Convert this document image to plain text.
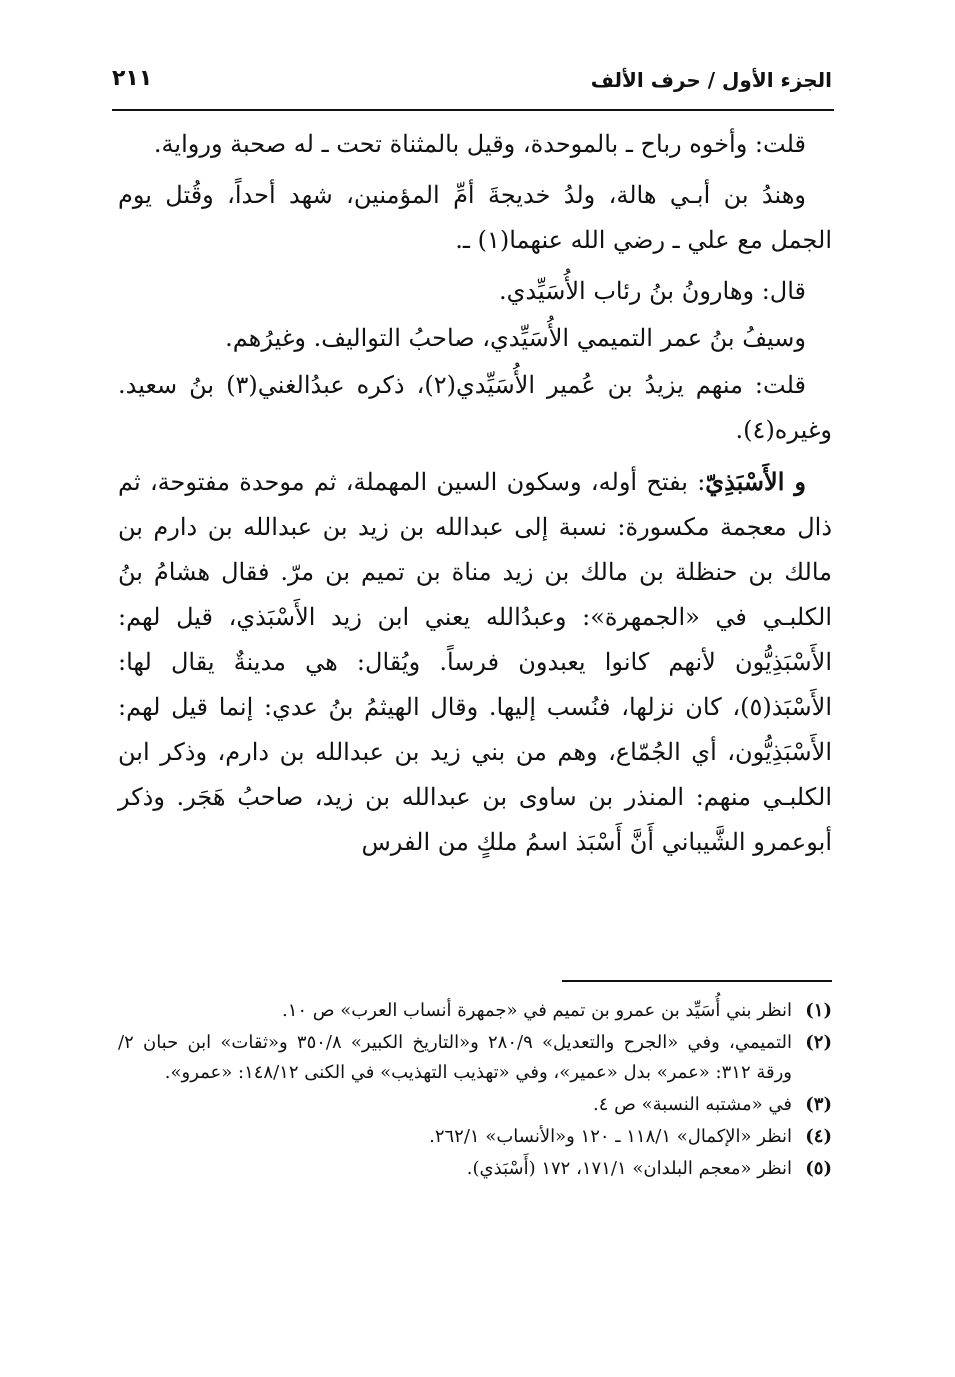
الجزء الأول / حرف الألف
٢١١

قلت: وأخوه رباح ـ بالموحدة، وقيل بالمثناة تحت ـ له صحبة ورواية.

وهندُ بن أبـي هالة، ولدُ خديجةَ أمِّ المؤمنين، شهد أحداً، وقُتل يوم الجمل مع علي ـ رضي الله عنهما(١) ـ.

قال: وهارونُ بنُ رئاب الأُسَيِّدي.

وسيفُ بنُ عمر التميمي الأُسَيِّدي، صاحبُ التواليف. وغيرُهم.

قلت: منهم يزيدُ بن عُمير الأُسَيِّدي(٢)، ذكره عبدُالغني(٣) بنُ سعيد. وغيره(٤).

و الأَسْبَذِيّ: بفتح أوله، وسكون السين المهملة، ثم موحدة مفتوحة، ثم ذال معجمة مكسورة: نسبة إلى عبدالله بن زيد بن عبدالله بن دارم بن مالك بن حنظلة بن مالك بن زيد مناة بن تميم بن مرّ. فقال هشامُ بنُ الكلبـي في «الجمهرة»: وعبدُالله يعني ابن زيد الأَسْبَذي، قيل لهم: الأَسْبَذِيُّون لأنهم كانوا يعبدون فرساً. ويُقال: هي مدينةٌ يقال لها: الأَسْبَذ(٥)، كان نزلها، فنُسب إليها. وقال الهيثمُ بنُ عدي: إنما قيل لهم: الأَسْبَذِيُّون، أي الجُمّاع، وهم من بني زيد بن عبدالله بن دارم، وذكر ابن الكلبـي منهم: المنذر بن ساوى بن عبدالله بن زيد، صاحبُ هَجَر. وذكر أبوعمرو الشَّيباني أَنَّ أَسْبَذ اسمُ ملكٍ من الفرس

(١)انظر بني أُسَيِّد بن عمرو بن تميم في «جمهرة أنساب العرب» ص ١٠.

(٢)التميمي، وفي «الجرح والتعديل» ٢٨٠/٩ و«التاريخ الكبير» ٣٥٠/٨ و«ثقات» ابن حبان ٢/ ورقة ٣١٢: «عمر» بدل «عمير»، وفي «تهذيب التهذيب» في الكنى ١٤٨/١٢: «عمرو».

(٣)في «مشتبه النسبة» ص ٤.

(٤)انظر «الإكمال» ١١٨/١ ـ ١٢٠ و«الأنساب» ٢٦٢/١.

(٥)انظر «معجم البلدان» ١٧١/١، ١٧٢ (أَسْبَذي).
